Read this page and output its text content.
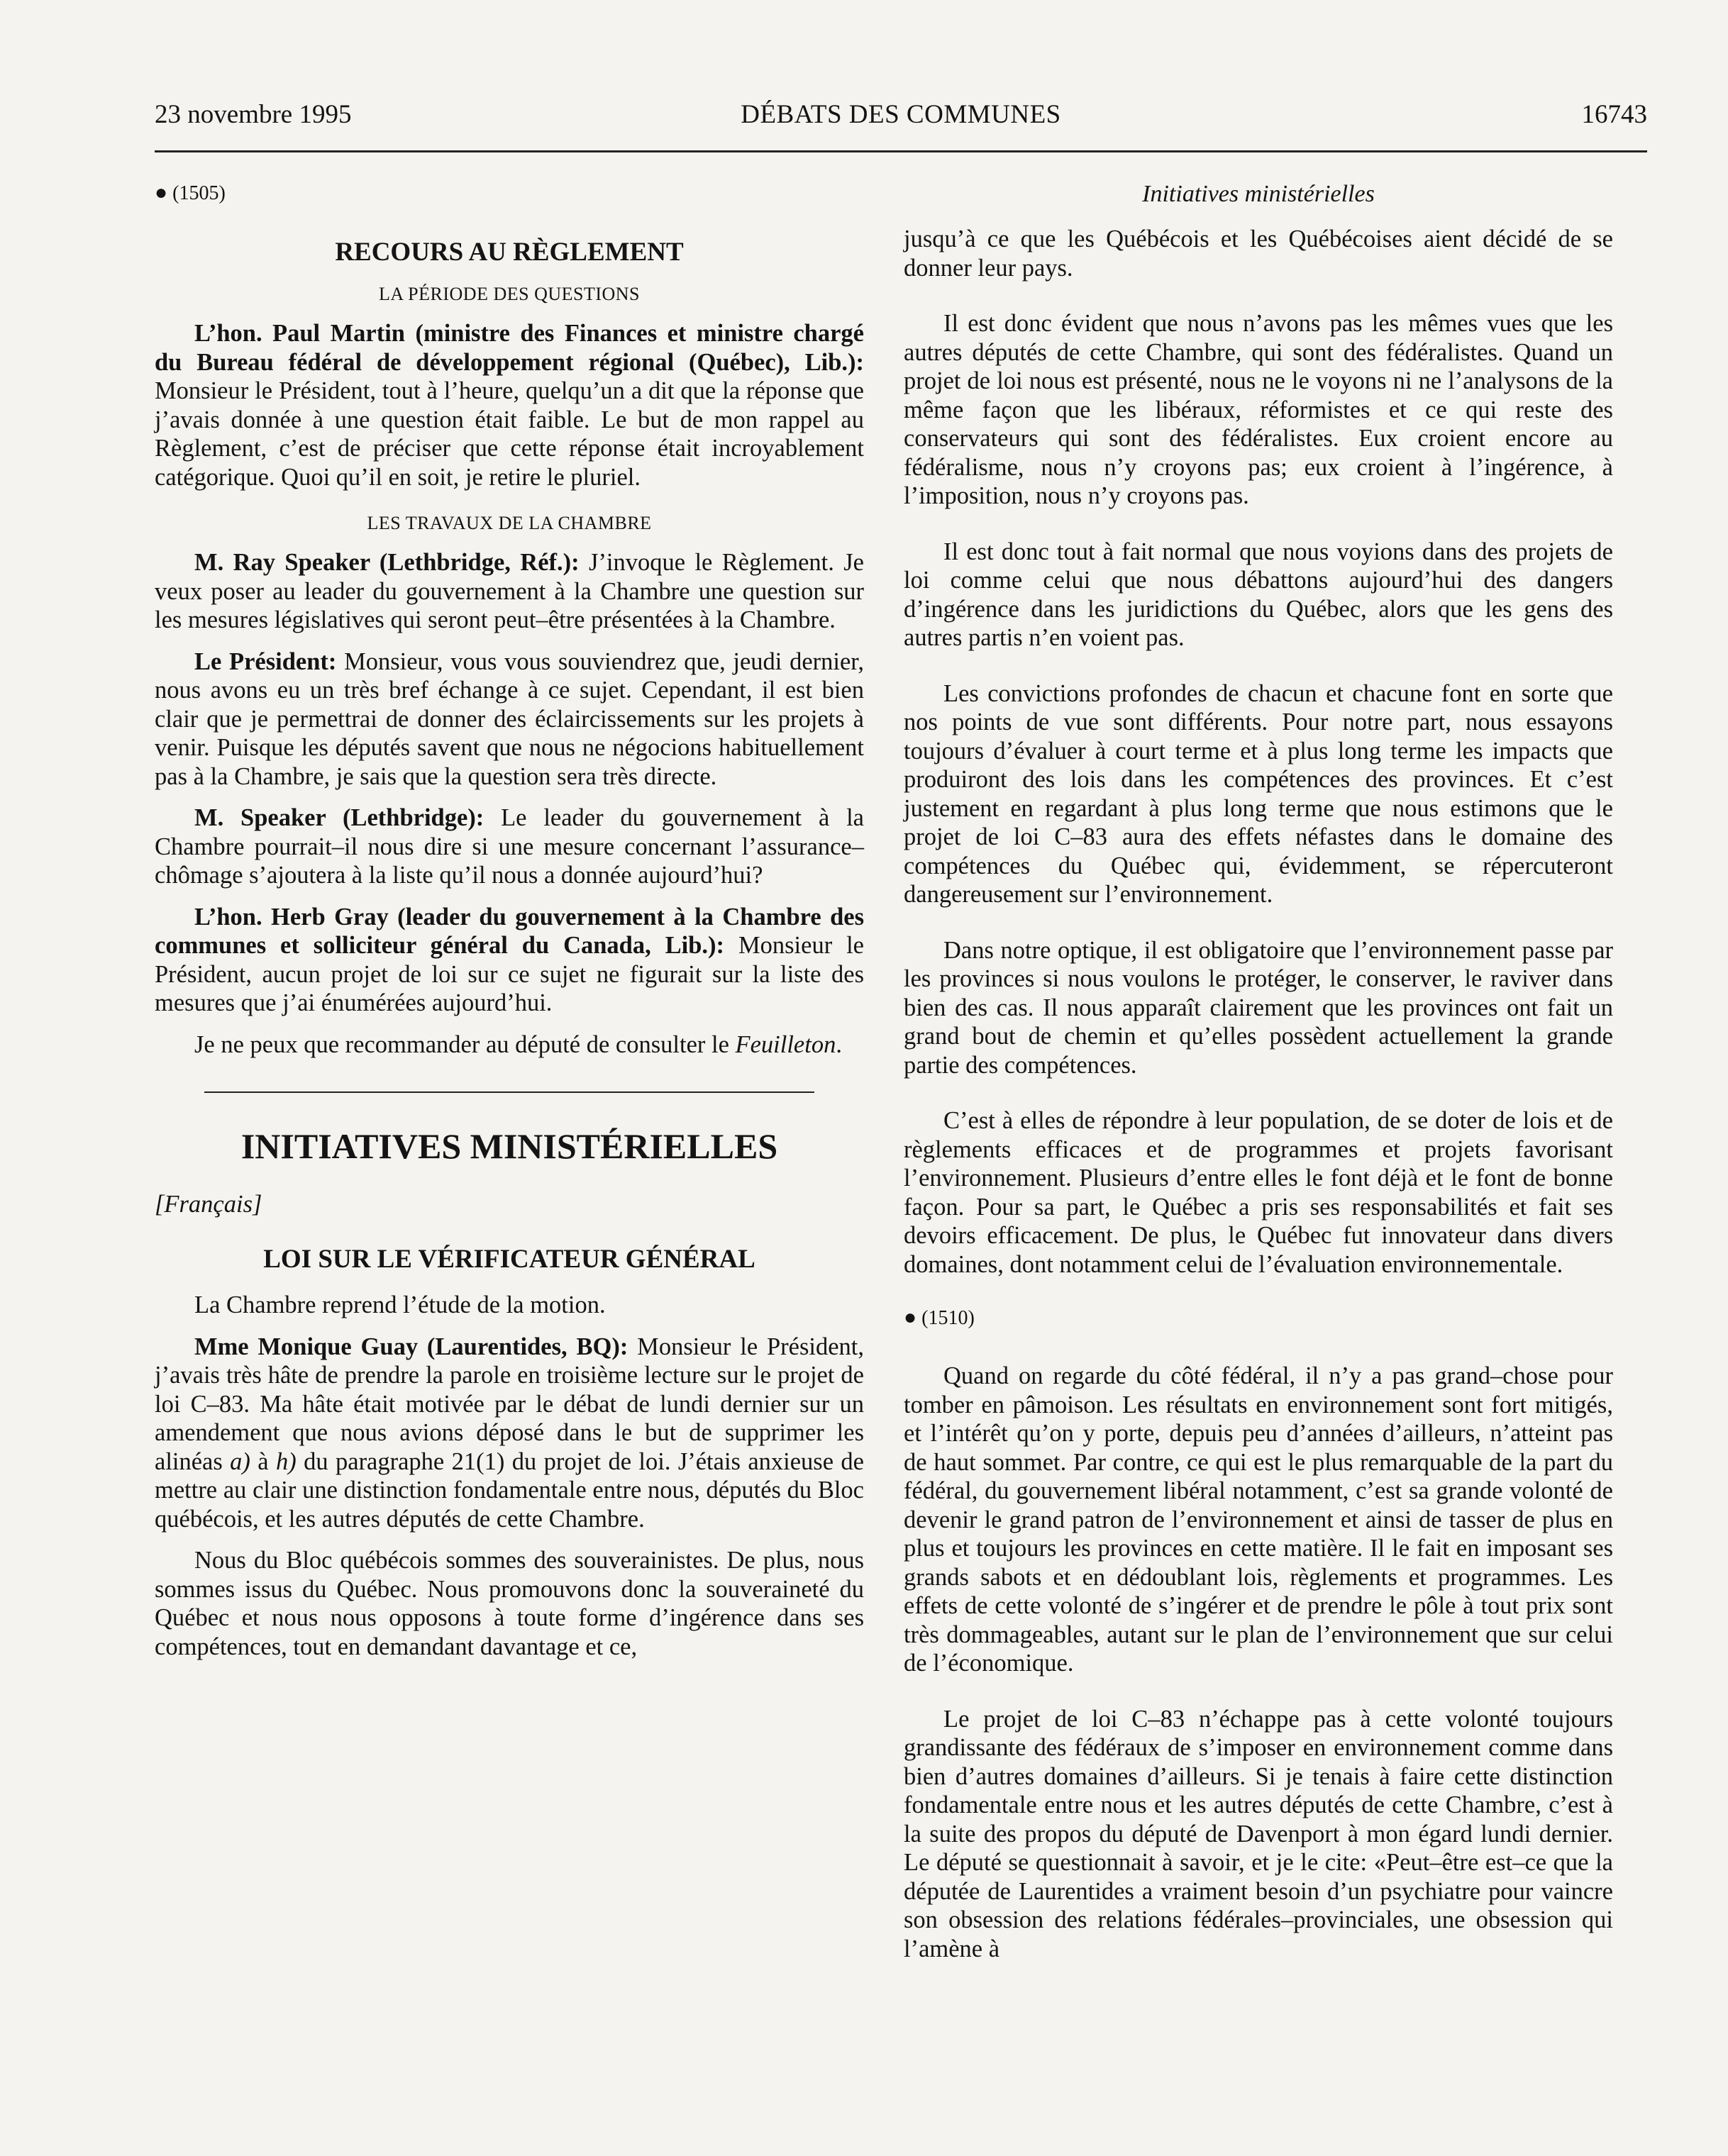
23 novembre 1995	DÉBATS DES COMMUNES	16743
● (1505)
RECOURS AU RÈGLEMENT
LA PÉRIODE DES QUESTIONS

L’hon. Paul Martin (ministre des Finances et ministre chargé du Bureau fédéral de développement régional (Québec), Lib.): Monsieur le Président, tout à l’heure, quelqu’un a dit que la réponse que j’avais donnée à une question était faible. Le but de mon rappel au Règlement, c’est de préciser que cette réponse était incroyablement catégorique. Quoi qu’il en soit, je retire le pluriel.

LES TRAVAUX DE LA CHAMBRE

M. Ray Speaker (Lethbridge, Réf.): J’invoque le Règlement. Je veux poser au leader du gouvernement à la Chambre une question sur les mesures législatives qui seront peut–être présentées à la Chambre.

Le Président: Monsieur, vous vous souviendrez que, jeudi dernier, nous avons eu un très bref échange à ce sujet. Cependant, il est bien clair que je permettrai de donner des éclaircissements sur les projets à venir. Puisque les députés savent que nous ne négocions habituellement pas à la Chambre, je sais que la question sera très directe.

M. Speaker (Lethbridge): Le leader du gouvernement à la Chambre pourrait–il nous dire si une mesure concernant l’assurance–chômage s’ajoutera à la liste qu’il nous a donnée aujourd’hui?

L’hon. Herb Gray (leader du gouvernement à la Chambre des communes et solliciteur général du Canada, Lib.): Monsieur le Président, aucun projet de loi sur ce sujet ne figurait sur la liste des mesures que j’ai énumérées aujourd’hui.

Je ne peux que recommander au député de consulter le Feuilleton.

INITIATIVES MINISTÉRIELLES
[Français]
LOI SUR LE VÉRIFICATEUR GÉNÉRAL

La Chambre reprend l’étude de la motion.

Mme Monique Guay (Laurentides, BQ): Monsieur le Président, j’avais très hâte de prendre la parole en troisième lecture sur le projet de loi C–83. Ma hâte était motivée par le débat de lundi dernier sur un amendement que nous avions déposé dans le but de supprimer les alinéas a) à h) du paragraphe 21(1) du projet de loi. J’étais anxieuse de mettre au clair une distinction fondamentale entre nous, députés du Bloc québécois, et les autres députés de cette Chambre.

Nous du Bloc québécois sommes des souverainistes. De plus, nous sommes issus du Québec. Nous promouvons donc la souveraineté du Québec et nous nous opposons à toute forme d’ingérence dans ses compétences, tout en demandant davantage et ce,

Initiatives ministérielles

jusqu’à ce que les Québécois et les Québécoises aient décidé de se donner leur pays.

Il est donc évident que nous n’avons pas les mêmes vues que les autres députés de cette Chambre, qui sont des fédéralistes. Quand un projet de loi nous est présenté, nous ne le voyons ni ne l’analysons de la même façon que les libéraux, réformistes et ce qui reste des conservateurs qui sont des fédéralistes. Eux croient encore au fédéralisme, nous n’y croyons pas; eux croient à l’ingérence, à l’imposition, nous n’y croyons pas.

Il est donc tout à fait normal que nous voyions dans des projets de loi comme celui que nous débattons aujourd’hui des dangers d’ingérence dans les juridictions du Québec, alors que les gens des autres partis n’en voient pas.

Les convictions profondes de chacun et chacune font en sorte que nos points de vue sont différents. Pour notre part, nous essayons toujours d’évaluer à court terme et à plus long terme les impacts que produiront des lois dans les compétences des provinces. Et c’est justement en regardant à plus long terme que nous estimons que le projet de loi C–83 aura des effets néfastes dans le domaine des compétences du Québec qui, évidemment, se répercuteront dangereusement sur l’environnement.

Dans notre optique, il est obligatoire que l’environnement passe par les provinces si nous voulons le protéger, le conserver, le raviver dans bien des cas. Il nous apparaît clairement que les provinces ont fait un grand bout de chemin et qu’elles possèdent actuellement la grande partie des compétences.

C’est à elles de répondre à leur population, de se doter de lois et de règlements efficaces et de programmes et projets favorisant l’environnement. Plusieurs d’entre elles le font déjà et le font de bonne façon. Pour sa part, le Québec a pris ses responsabilités et fait ses devoirs efficacement. De plus, le Québec fut innovateur dans divers domaines, dont notamment celui de l’évaluation environnementale.

● (1510)

Quand on regarde du côté fédéral, il n’y a pas grand–chose pour tomber en pâmoison. Les résultats en environnement sont fort mitigés, et l’intérêt qu’on y porte, depuis peu d’années d’ailleurs, n’atteint pas de haut sommet. Par contre, ce qui est le plus remarquable de la part du fédéral, du gouvernement libéral notamment, c’est sa grande volonté de devenir le grand patron de l’environnement et ainsi de tasser de plus en plus et toujours les provinces en cette matière. Il le fait en imposant ses grands sabots et en dédoublant lois, règlements et programmes. Les effets de cette volonté de s’ingérer et de prendre le pôle à tout prix sont très dommageables, autant sur le plan de l’environnement que sur celui de l’économique.

Le projet de loi C–83 n’échappe pas à cette volonté toujours grandissante des fédéraux de s’imposer en environnement comme dans bien d’autres domaines d’ailleurs. Si je tenais à faire cette distinction fondamentale entre nous et les autres députés de cette Chambre, c’est à la suite des propos du député de Davenport à mon égard lundi dernier. Le député se questionnait à savoir, et je le cite: «Peut–être est–ce que la députée de Laurentides a vraiment besoin d’un psychiatre pour vaincre son obsession des relations fédérales–provinciales, une obsession qui l’amène à
